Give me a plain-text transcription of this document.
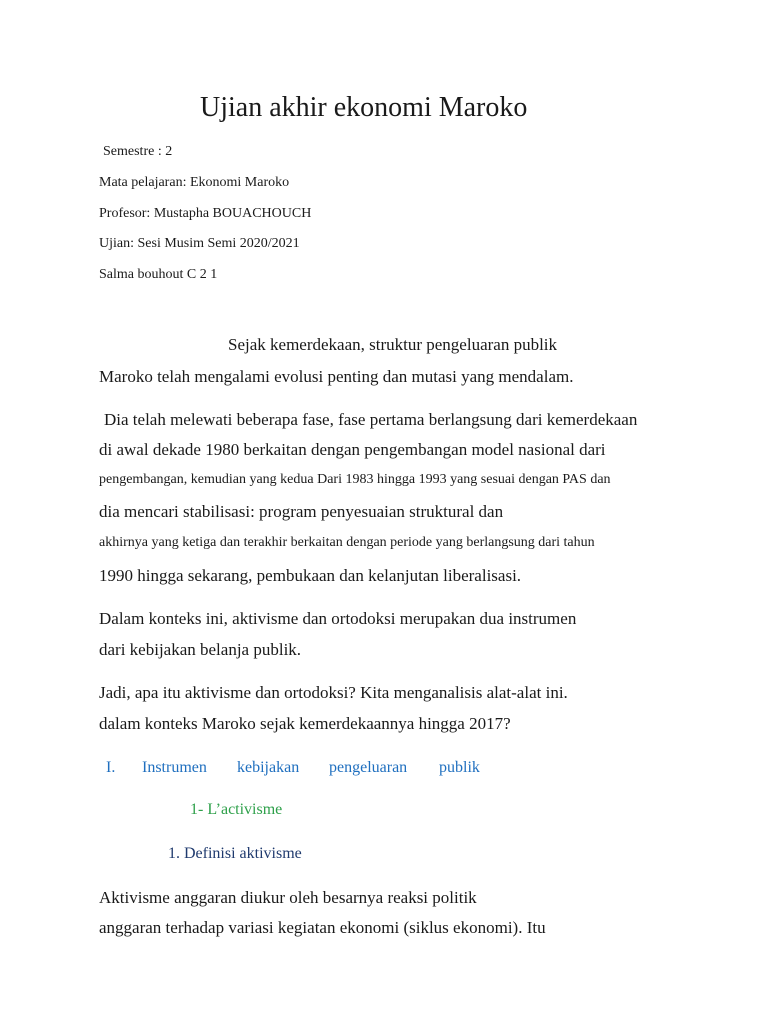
Ujian akhir ekonomi Maroko
Semestre : 2
Mata pelajaran: Ekonomi Maroko
Profesor: Mustapha BOUACHOUCH
Ujian: Sesi Musim Semi 2020/2021
Salma bouhout C 2 1
Sejak kemerdekaan, struktur pengeluaran publik
Maroko telah mengalami evolusi penting dan mutasi yang mendalam.
Dia telah melewati beberapa fase, fase pertama berlangsung dari kemerdekaan
di awal dekade 1980 berkaitan dengan pengembangan model nasional dari
pengembangan, kemudian yang kedua Dari 1983 hingga 1993 yang sesuai dengan PAS dan
dia mencari stabilisasi: program penyesuaian struktural dan
akhirnya yang ketiga dan terakhir berkaitan dengan periode yang berlangsung dari tahun
1990 hingga sekarang, pembukaan dan kelanjutan liberalisasi.
Dalam konteks ini, aktivisme dan ortodoksi merupakan dua instrumen
dari kebijakan belanja publik.
Jadi, apa itu aktivisme dan ortodoksi? Kita menganalisis alat-alat ini.
dalam konteks Maroko sejak kemerdekaannya hingga 2017?
I. Instrumen kebijakan pengeluaran publik
1- L’activisme
1. Definisi aktivisme
Aktivisme anggaran diukur oleh besarnya reaksi politik
anggaran terhadap variasi kegiatan ekonomi (siklus ekonomi). Itu
